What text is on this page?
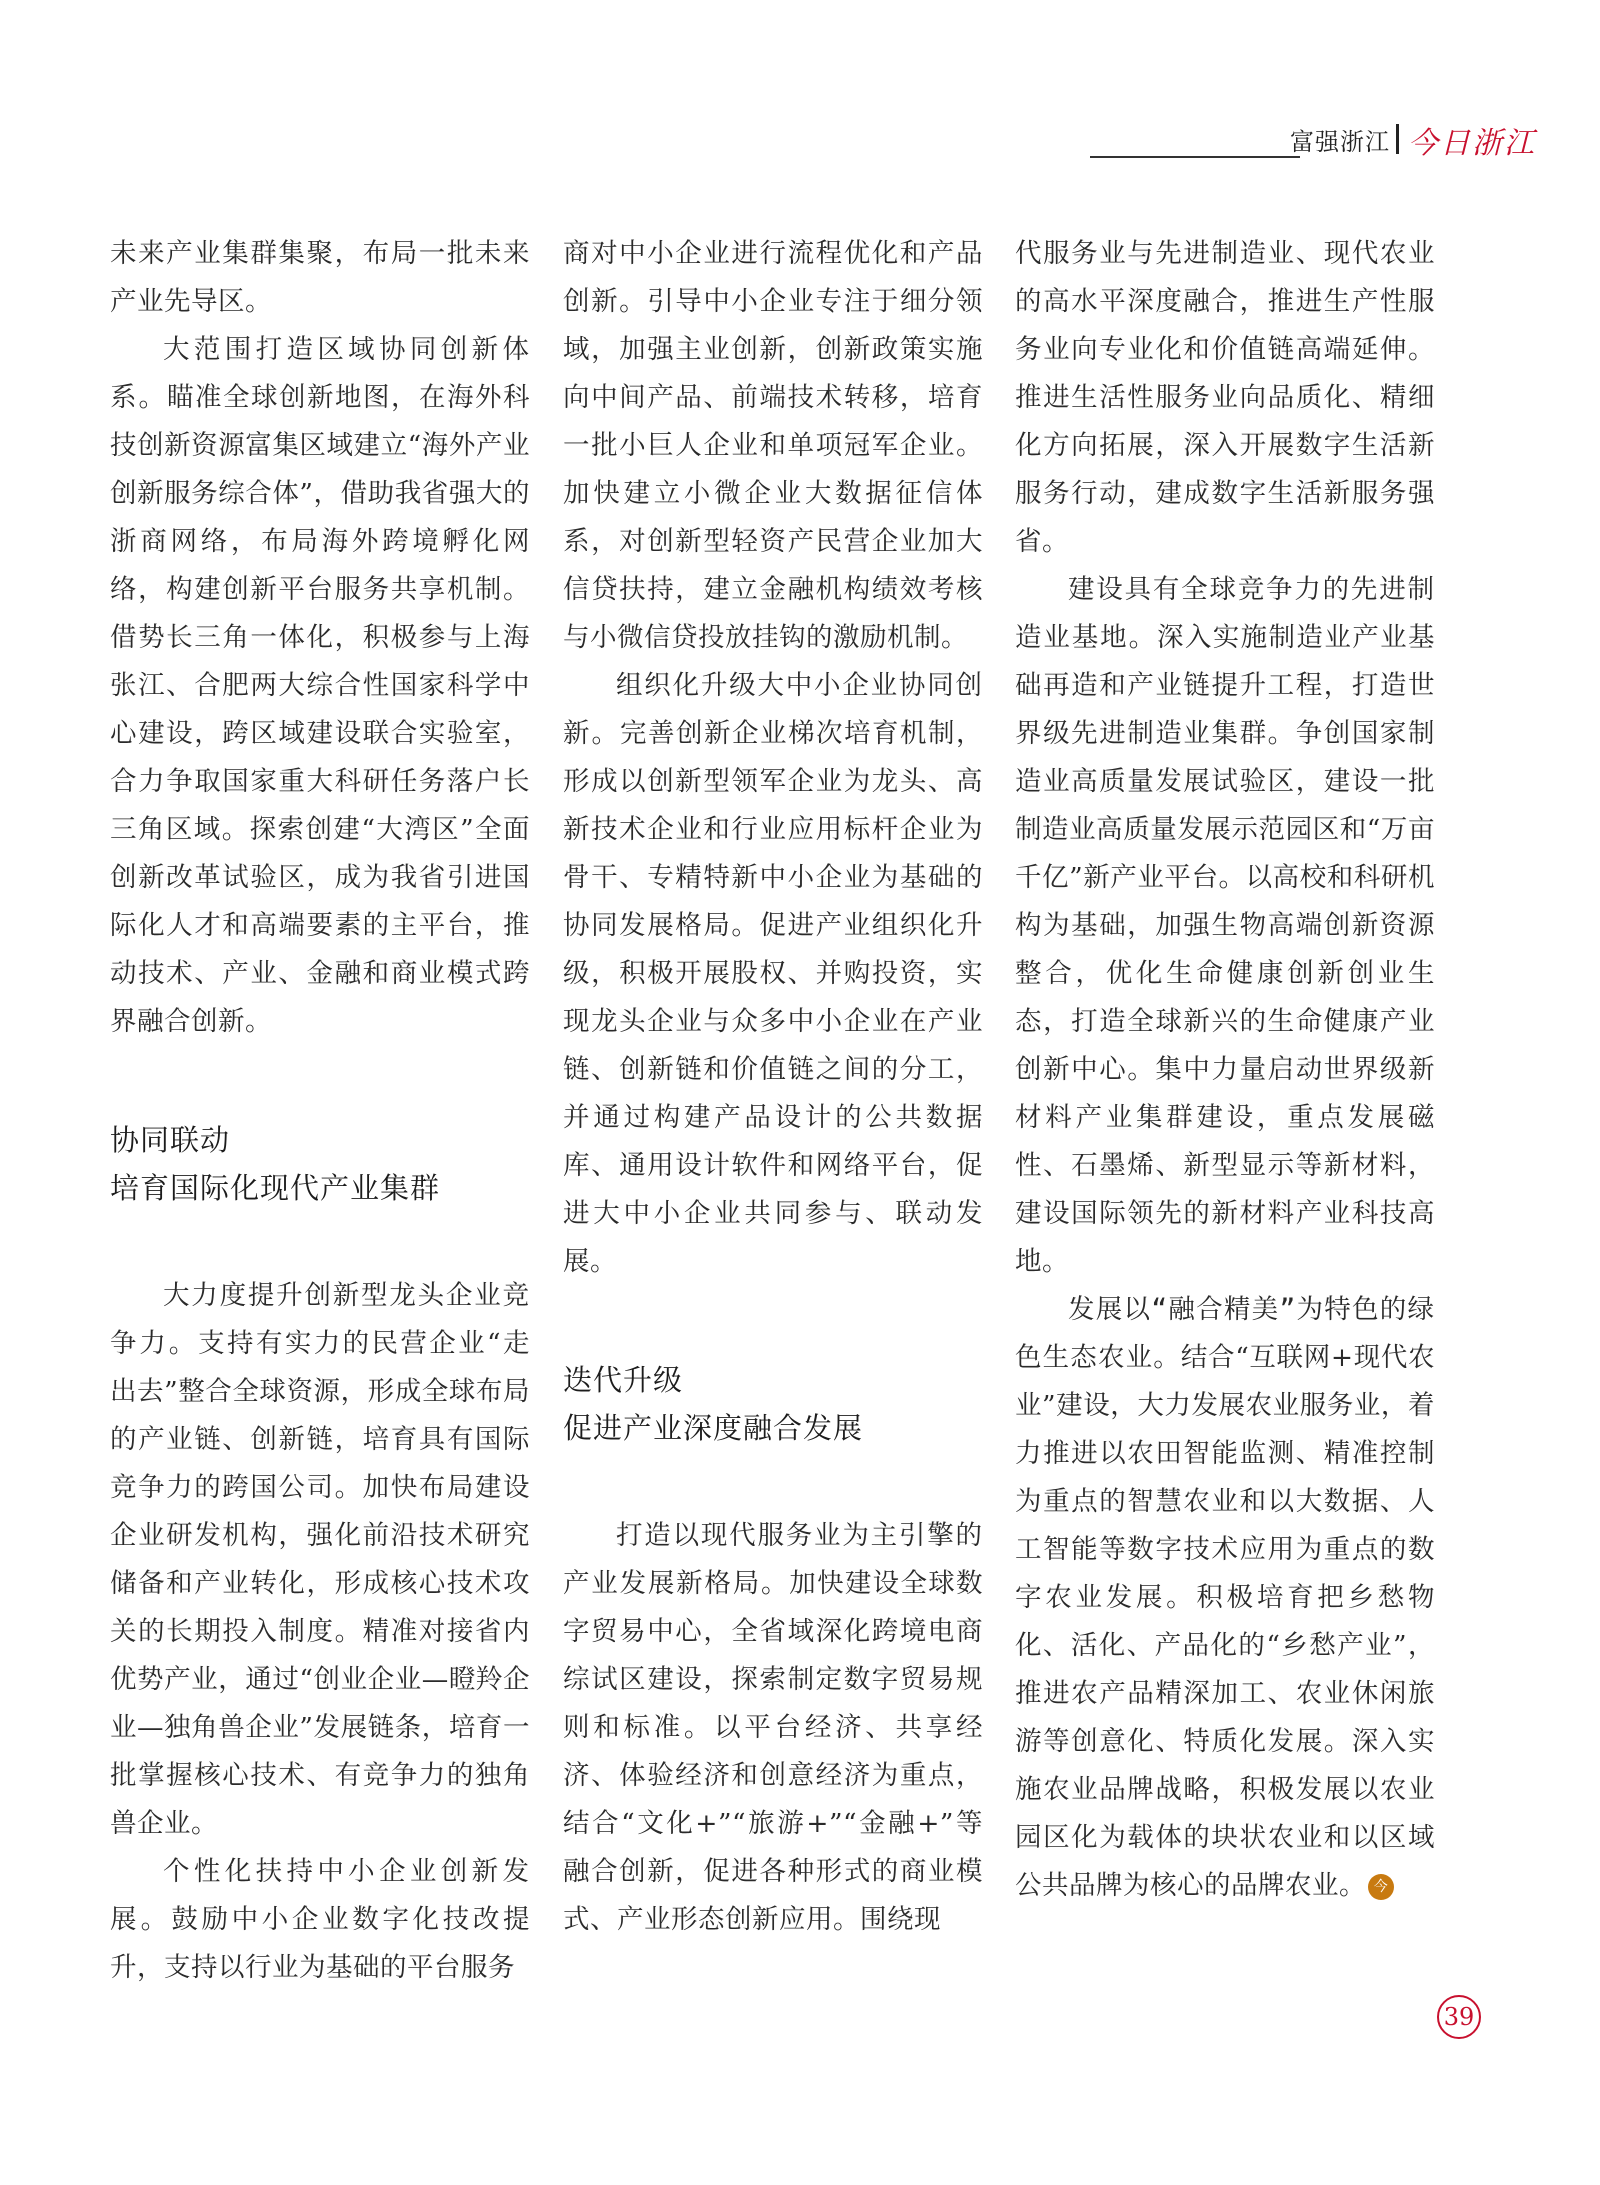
富强浙江 今日浙江

未来产业集群集聚，布局一批未来产业先导区。

大范围打造区域协同创新体系。瞄准全球创新地图，在海外科技创新资源富集区域建立“海外产业创新服务综合体”，借助我省强大的浙商网络，布局海外跨境孵化网络，构建创新平台服务共享机制。借势长三角一体化，积极参与上海张江、合肥两大综合性国家科学中心建设，跨区域建设联合实验室，合力争取国家重大科研任务落户长三角区域。探索创建“大湾区”全面创新改革试验区，成为我省引进国际化人才和高端要素的主平台，推动技术、产业、金融和商业模式跨界融合创新。

协同联动
培育国际化现代产业集群

大力度提升创新型龙头企业竞争力。支持有实力的民营企业“走出去”整合全球资源，形成全球布局的产业链、创新链，培育具有国际竞争力的跨国公司。加快布局建设企业研发机构，强化前沿技术研究储备和产业转化，形成核心技术攻关的长期投入制度。精准对接省内优势产业，通过“创业企业—瞪羚企业—独角兽企业”发展链条，培育一批掌握核心技术、有竞争力的独角兽企业。

个性化扶持中小企业创新发展。鼓励中小企业数字化技改提升，支持以行业为基础的平台服务

商对中小企业进行流程优化和产品创新。引导中小企业专注于细分领域，加强主业创新，创新政策实施向中间产品、前端技术转移，培育一批小巨人企业和单项冠军企业。加快建立小微企业大数据征信体系，对创新型轻资产民营企业加大信贷扶持，建立金融机构绩效考核与小微信贷投放挂钩的激励机制。

组织化升级大中小企业协同创新。完善创新企业梯次培育机制，形成以创新型领军企业为龙头、高新技术企业和行业应用标杆企业为骨干、专精特新中小企业为基础的协同发展格局。促进产业组织化升级，积极开展股权、并购投资，实现龙头企业与众多中小企业在产业链、创新链和价值链之间的分工，并通过构建产品设计的公共数据库、通用设计软件和网络平台，促进大中小企业共同参与、联动发展。

迭代升级
促进产业深度融合发展

打造以现代服务业为主引擎的产业发展新格局。加快建设全球数字贸易中心，全省域深化跨境电商综试区建设，探索制定数字贸易规则和标准。以平台经济、共享经济、体验经济和创意经济为重点，结合“文化+”“旅游+”“金融+”等融合创新，促进各种形式的商业模式、产业形态创新应用。围绕现

代服务业与先进制造业、现代农业的高水平深度融合，推进生产性服务业向专业化和价值链高端延伸。推进生活性服务业向品质化、精细化方向拓展，深入开展数字生活新服务行动，建成数字生活新服务强省。

建设具有全球竞争力的先进制造业基地。深入实施制造业产业基础再造和产业链提升工程，打造世界级先进制造业集群。争创国家制造业高质量发展试验区，建设一批制造业高质量发展示范园区和“万亩千亿”新产业平台。以高校和科研机构为基础，加强生物高端创新资源整合，优化生命健康创新创业生态，打造全球新兴的生命健康产业创新中心。集中力量启动世界级新材料产业集群建设，重点发展磁性、石墨烯、新型显示等新材料，建设国际领先的新材料产业科技高地。

发展以“融合精美”为特色的绿色生态农业。结合“互联网+现代农业”建设，大力发展农业服务业，着力推进以农田智能监测、精准控制为重点的智慧农业和以大数据、人工智能等数字技术应用为重点的数字农业发展。积极培育把乡愁物化、活化、产品化的“乡愁产业”，推进农产品精深加工、农业休闲旅游等创意化、特质化发展。深入实施农业品牌战略，积极发展以农业园区化为载体的块状农业和以区域公共品牌为核心的品牌农业。 今

39
